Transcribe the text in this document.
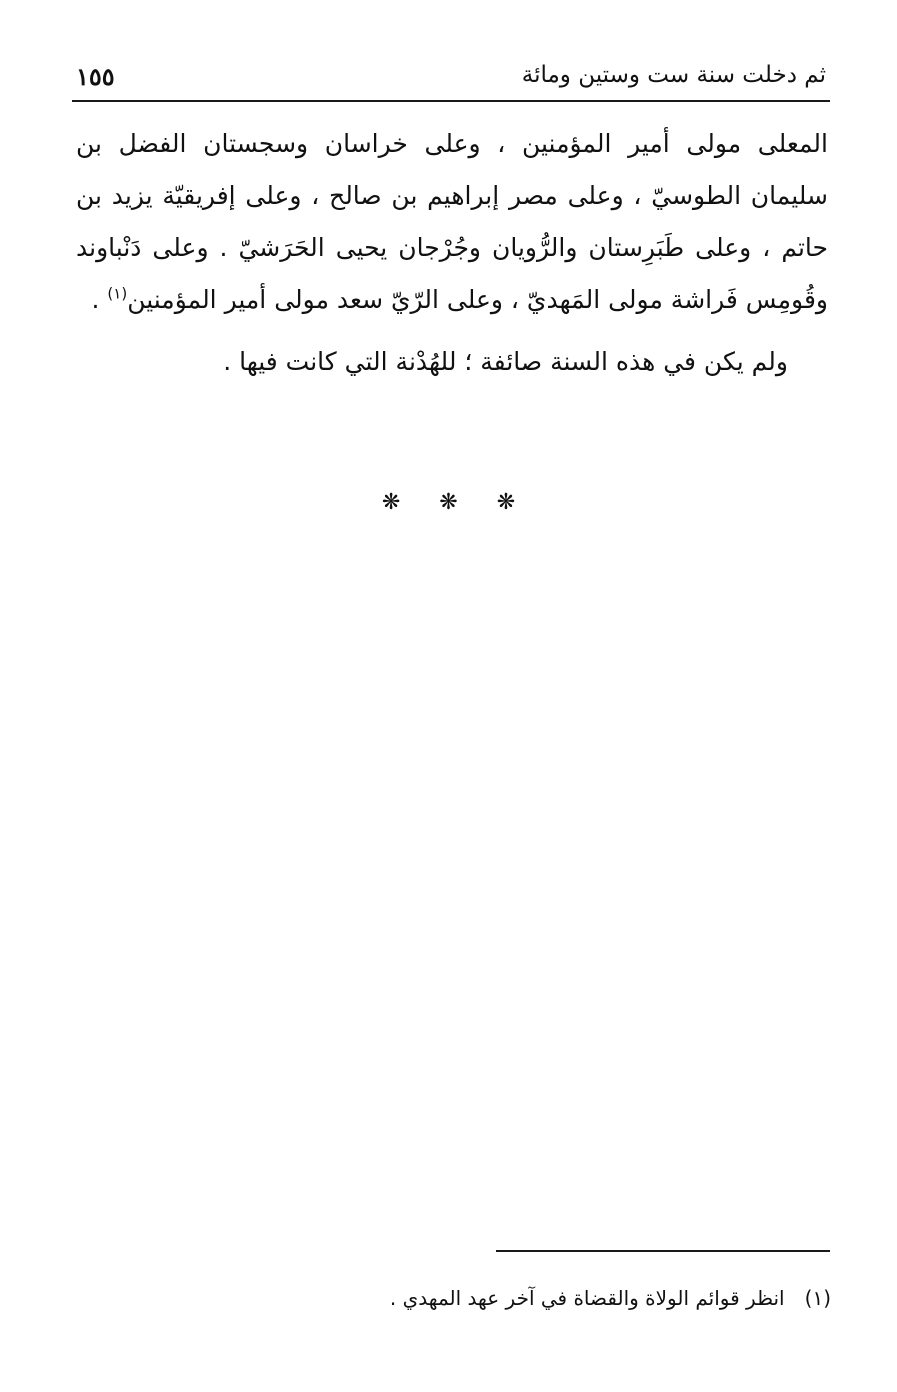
ثم دخلت سنة ست وستين ومائة
١٥٥

المعلى مولى أمير المؤمنين ، وعلى خراسان وسجستان الفضل بن سليمان الطوسيّ ، وعلى مصر إبراهيم بن صالح ، وعلى إفريقيّة يزيد بن حاتم ، وعلى طَبَرِستان والرُّويان وجُرْجان يحيى الحَرَشيّ . وعلى دَنْباوند وقُومِس فَراشة مولى المَهديّ ، وعلى الرّيّ سعد مولى أمير المؤمنين$^{(١)}$ .

ولم يكن في هذه السنة صائفة ؛ للهُدْنة التي كانت فيها .

❋ ❋ ❋
(١)انظر قوائم الولاة والقضاة في آخر عهد المهدي .
